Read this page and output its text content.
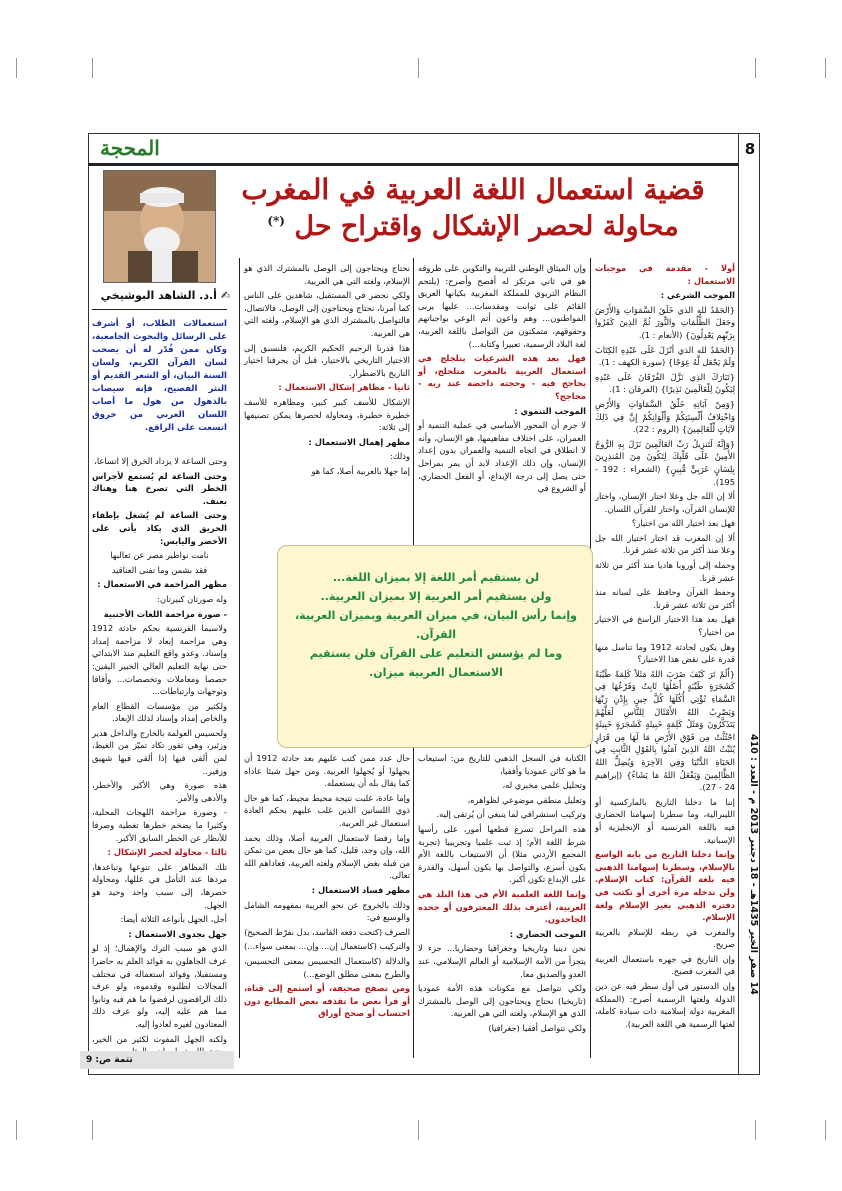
8
14 صفر الخير 1435هـ - 18 دجنبر 2013 م - العدد : 410
المحجة
قضية استعمال اللغة العربية في المغرب
محاولة لحصر الإشكال واقتراح حل (*)
✍ أ.د. الشاهد البوشيخي
استعمالات الطلاب، أو أشرف على الرسائل والبحوث الجامعية، وكان ممن قُدّر له أن يصحب لسان القرآن الكريم، ولسان السنة البيان، أو الشعر القديم أو النثر الفصيح، فإنه سيصاب بالذهول من هول ما أصاب اللسان العربي من خروق اتسعت على الراقع.

أولا - مقدمة في موجبات الاستعمال :

الموجب الشرعي :

{الحَمْدُ لله الذي خَلَقَ السَّمَوَاتِ وَالأَرْضَ وجَعَلَ الظُّلُمَاتِ والنُّورَ ثُمَّ الذِينَ كَفَرُوا بِرَبِّهِم يَعْدِلُونَ} (الأنعام : 1).

{الحَمْدُ لله الذي أنْزَلَ عَلَى عَبْدِهِ الكِتَابَ وَلَمْ يَجْعَل لَّهُ عِوَجًا} (سورة الكهف : 1).

{تَبَارَكَ الذِي نَزَّلَ الفُرْقَانَ عَلَى عَبْدِهِ لِيَكُونَ لِلْعَالَمِينَ نَذِيرًا} (الفرقان : 1).

{وَمِنْ آيَاتِهِ خَلْقُ السَّمَاوَاتِ وَالأَرْضِ وَاخْتِلافُ أَلْسِنَتِكُمْ وَأَلْوَانِكُمْ إِنَّ فِي ذَلِكَ لآيَاتٍ لِّلْعَالِمِينَ} (الروم : 22).

{وَإِنَّهُ لَتَنزِيلُ رَبِّ العَالَمِينَ نَزَلَ بِهِ الرُّوحُ الأَمِينُ عَلَى قَلْبِكَ لِتَكُونَ مِنَ المُنذِرِينَ بِلِسَانٍ عَرَبِيٍّ مُّبِينٍ} (الشعراء : 192 - 195).

ألا إن الله جل وعلا اختار الإنسان، واختار للإنسان القرآن، واختار للقرآن اللسان.

فهل بعد اختيار الله من اختيار؟

ألا إن المغرب قد اختار اختيار الله جل وعلا منذ أكثر من ثلاثة عشر قرنا.

وحمله إلى أوروبا هاديا منذ أكثر من ثلاثة عشر قرنا.

وحفظ القرآن وحافظ على لسانه منذ أكثر من ثلاثة عشر قرنا.

فهل بعد هذا الاختيار الراسخ في الاختيار من اختيار؟

وهل يكون لحادثة 1912 وما تناسل منها قدرة على نقض هذا الاختيار؟

{أَلَمْ تَرَ كَيْفَ ضَرَبَ اللهُ مَثَلاً كَلِمَةً طَيِّبَةً كَشَجَرَةٍ طَيِّبَةٍ أَصْلُهَا ثَابِتٌ وَفَرْعُهَا فِي السَّمَاءِ تُؤْتِي أُكُلَهَا كُلَّ حِينٍ بِإِذْنِ رَبِّهَا وَيَضْرِبُ اللهُ الأَمْثَالَ لِلنَّاسِ لَعَلَّهُمْ يَتَذَكَّرُونَ وَمَثَلُ كَلِمَةٍ خَبِيثَةٍ كَشَجَرَةٍ خَبِيثَةٍ اجْتُثَّتْ مِن فَوْقِ الأَرْضِ مَا لَهَا مِن قَرَارٍ يُثَبِّتُ اللهُ الذِينَ آمَنُوا بِالقَوْلِ الثَّابِتِ فِي الحَيَاةِ الدُّنْيَا وَفِي الآخِرَةِ وَيُضِلُّ اللهُ الظَّالِمِينَ وَيَفْعَلُ اللهُ مَا يَشَاءُ} (إبراهيم 24 - 27).

إننا ما دخلنا التاريخ بالماركسية أو الليبرالية، وما سطرنا إسهامنا الحضاري فيه باللغة الفرنسية أو الإنجليزية أو الإسبانية.

وإنما دخلنا التاريخ من بابه الواسع بالإسلام، وسطرنا إسهامنا الذهبي فيه بلغة القرآن: كتاب الإسلام. ولن ندخله مرة أخرى أو نكتب في دفتره الذهبي بغير الإسلام ولغة الإسلام.

والمغرب في ربطه للإسلام بالعربية صريح.

وإن التاريخ في جهره باستعمال العربية في المغرب فصيح.

وإن الدستور في أول سطر فيه عن دين الدولة ولغتها الرسمية أصرح: (المملكة المغربية دولة إسلامية ذات سيادة كاملة، لغتها الرسمية هي اللغة العربية).

وإن الميثاق الوطني للتربية والتكوين على ظروفه هو في ثاني مرتكز له أفصح وأصرح: (يلتحم النظام التربوي للمملكة المغربية بكيانها العريق القائم على ثوابت ومقدسات... عليها يربى المواطنون... وهم واعون أتم الوعي بواجباتهم وحقوقهم، متمكنون من التواصل باللغة العربية، لغة البلاد الرسمية، تعبيرا وكتابة...)

فهل بعد هذه الشرعيات يتلجلج في استعمال العربية بالمغرب متلجلج، أو يحاجج فيه - وحجته داحضة عند ربه - محاجج؟

الموجب التنموي :

لا جرم أن المحور الأساسي في عملية التنمية أو العمران، على اختلاف مفاهيمها، هو الإنسان، وأنه لا انطلاق في اتجاه التنمية والعمران بدون إعداد الإنسان، وإن ذلك الإعداد لابد أن يمر بمراحل حتى يصل إلى درجة الإبداع، أو الفعل الحضاري، أو الشروع في

الكتابة في السجل الذهبي للتاريخ من: استيعاب ما هو كائن عموديا وأفقيا،

وتحليل علمي مخبري له،

وتعليل منطقي موضوعي لظواهره،

وتركيب استشرافي لما ينبغي أن يُرتقى إليه.

هذه المراحل تسرع قطعها أمور، على رأسها شرط اللغة الأم؛ إذ ثبت علميا وتجريبيا (تجربة المجمع الأردني مثلا) أن الاستيعاب باللغة الأم يكون أسرع، والتواصل بها يكون أسهل، والقدرة على الإبداع تكون أكبر.

وإنما اللغة العلمية الأم في هذا البلد هي العربية، أعترف بذلك المعترفون أو جحده الجاحدون.

الموجب الحضاري :

نحن دينيا وتاريخيا وجغرافيا وحضاريا... جزء لا يتجزأ من الأمة الإسلامية أو العالم الإسلامي، عند العدو والصديق معا.

ولكي نتواصل مع مكونات هذه الأمة عموديا (تاريخيا) نحتاج ويحتاجون إلى الوصل بالمشترك الذي هو الإسلام، ولغته التي هي العربية.

ولكي نتواصل أفقيا (جغرافيا)

نحتاج ويحتاجون إلى الوصل بالمشترك الذي هو الإسلام، ولغته التي هي العربية.

ولكي نحضر في المستقبل، شاهدين على الناس كما أمرنا، نحتاج ويحتاجون إلى الوصل، فالاتصال، فالتواصل بالمشترك الذي هو الإسلام، ولغته التي هي العربية.

هذا قدرنا الرحيم الحكيم الكريم، فلنسبق إلى الاختيار التاريخي بالاختيار، قبل أن يجرفنا اختيار التاريخ بالاضطرار.

ثانيا - مظاهر إشكال الاستعمال :

الإشكال للأسف كبير كبير، ومظاهره للأسف خطيرة خطيرة، ومحاولة لحصرها يمكن تصنيفها إلى ثلاثة:

مظهر إهمال الاستعمال :

وذلك:

إما جهلا بالعربية أصلا، كما هو

حال عدد ممن كتب عليهم بعد حادثة 1912 أن يجهلوا أو يُجهلوا العربية. ومن جهل شيئا عاداه كما يقال بله أن يستعمله.

وإما عادة، غلبت نتيجة محيط مجيط، كما هو حال ذوي اللسانين الذين غلب عليهم بحكم العادة استعمال غير العربية.

وإما رفضا لاستعمال العربية أصلا، وذلك بحمد الله، وإن وجد، قليل، كما هو حال بعض من تمكن من قبله بغض الإسلام ولغته العربية، فعاداهم الله تعالى.

مظهر فساد الاستعمال :

وذلك بالخروج عن نحو العربية بمفهومه الشامل والوسيع في:

الصرف (كتحت دفعه الفاسد، بدل نفرّط الصحيح)

والتركيب (كاستعمال إن... وإن... بمعنى سواء...)

والدلالة (كاستعمال التحسيس بمعنى التحسيس، والطرح بمعنى مطلق الوضع...)

ومن تصفح صحيفة، أو استمع إلى قناة، أو قرأ بعض ما تقذفه بعض المطابع دون احتساب أو صحح أوراق

وحتى الساعة لا يزداد الخرق إلا اتساعا،

وحتى الساعة لم يُستمع لأجراس الخطر التي تصرخ هنا وهناك بعنف.

وحتى الساعة لم يُشغل بإطفاء الحريق الذي يكاد يأتي على الأخضر واليابس:

نامت نواطير مصر عن ثعالبها

فقد بشمن وما تفنى العناقيد

مظهر المزاحمة في الاستعمال :

وله صورتان كبيرتان:

- صورة مزاحمة اللغات الأجنبية

ولاسيما الفرنسية بحكم حادثة 1912 وهي مزاحمة إبعاد لا مزاحمة إمداد وإسناد. وعدو واقع التعليم منذ الابتدائي حتى نهاية التعليم العالي الخبير اليقين: حصصا ومعاملات وتخصصات... وأفاقا وتوجهات وارتباطات...

ولكثير من مؤسسات القطاع العام والخاص إمداد وإسناد لذلك الإبعاد.

ولحسيس العولمة بالخارج والداخل هدير وزئير، وهي تقور تكاد تميّز من الغيظ، لمن ألقى فيها إذا ألقي فيها شهيق وزفير..

هذه صورة وهي الأكبر والأخطر، والأدهى والأمر.

- وصورة مزاحمة اللهجات المحلية، وكثيرا ما يضخم خطرها تغطية وصرفا للأنظار عن الخطر السابق الأكبر.

ثالثا - محاولة لحصر الإشكال :

تلك المظاهر على تنوعها وتباعدها، مردها عند التأمل في عللها، ومحاولة حصرها، إلى سبب واحد وحيد هو الجهل.

أجل، الجهل بأنواعه الثلاثة أيضا:

جهل بجدوى الاستعمال :

الذي هو سبب الترك والإهمال؛ إذ لو عرف الجاهلون به فوائد العلم به حاضرا ومستقبلا، وفوائد استعماله في مختلف المجالات لطلبوه وقدموه، ولو عرف ذلك الرافضون لرفضوا ما هم فيه وتابوا مما هم عليه إليه، ولو عرف ذلك المعتادون لغيره لعادوا إليه.

ولكنه الجهل المفوت لكثير من الخير،

لن يستقيم أمر اللغة إلا بميزان اللغة...
ولن يستقيم أمر العربية إلا بميزان العربية..
وإنما رأس البيان، في ميزان العربية وبميزان العربية، القرآن.
وما لم يؤسس التعليم على القرآن فلن يستقيم الاستعمال العربية ميزان.
تتمة ص: 9
